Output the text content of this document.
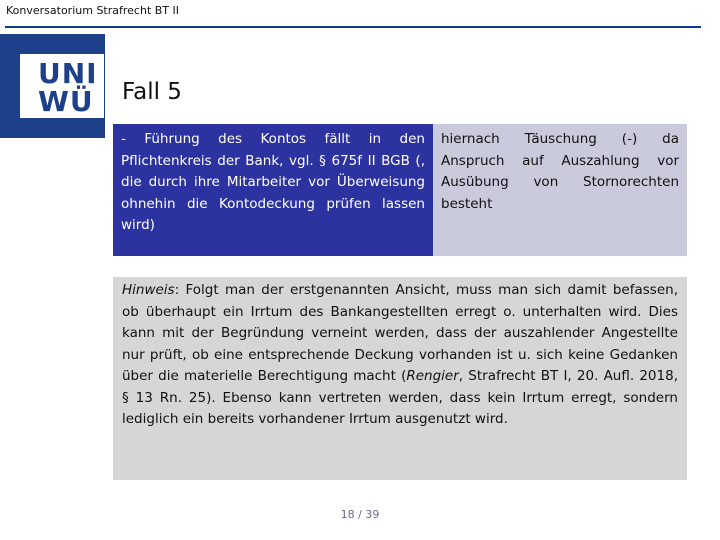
Konversatorium Strafrecht BT II
UNI
WÜ Fall 5

- Führung des Kontos fällt in den Pflichtenkreis der Bank, vgl. § 675f II BGB (, die durch ihre Mitarbeiter vor Überweisung ohnehin die Kontodeckung prüfen lassen wird)

hiernach Täuschung (-) da Anspruch auf Auszahlung vor Ausübung von Stornorechten besteht

Hinweis: Folgt man der erstgenannten Ansicht, muss man sich damit befassen, ob überhaupt ein Irrtum des Bankangestellten erregt o. unterhalten wird. Dies kann mit der Begründung verneint werden, dass der auszahlender Angestellte nur prüft, ob eine entsprechende Deckung vorhanden ist u. sich keine Gedanken über die materielle Berechtigung macht (Rengier, Strafrecht BT I, 20. Aufl. 2018, § 13 Rn. 25). Ebenso kann vertreten werden, dass kein Irrtum erregt, sondern lediglich ein bereits vorhandener Irrtum ausgenutzt wird.

18 / 39
